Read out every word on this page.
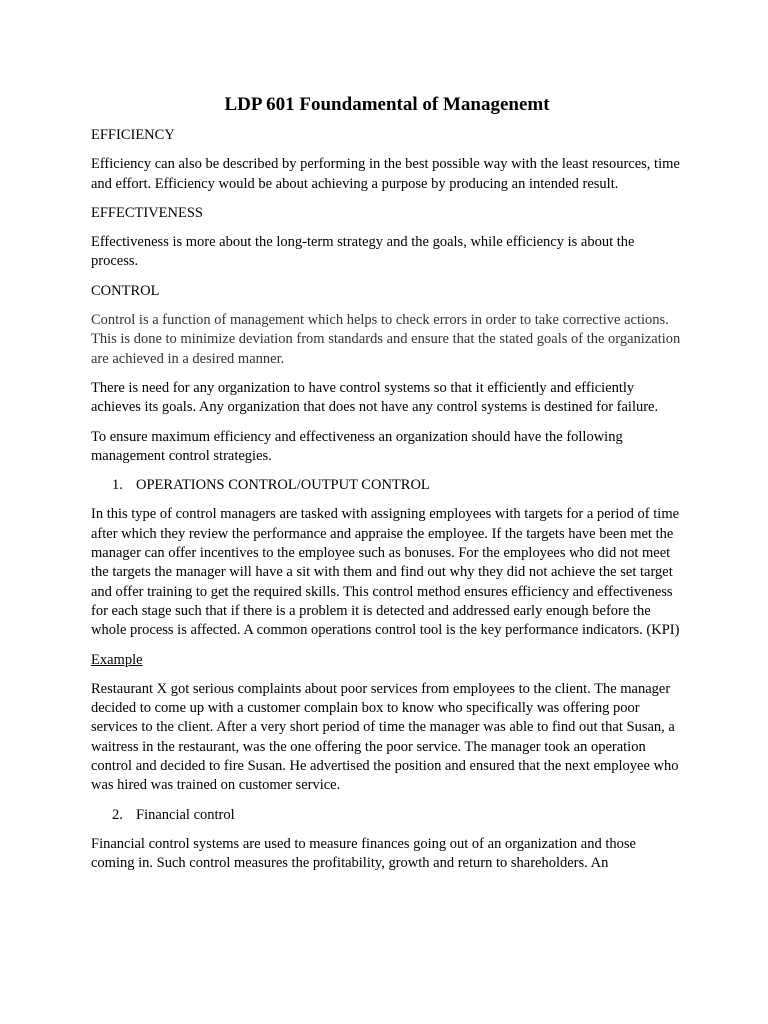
LDP 601 Foundamental of Managenemt

EFFICIENCY

Efficiency can also be described by performing in the best possible way with the least resources, time and effort. Efficiency would be about achieving a purpose by producing an intended result.

EFFECTIVENESS

Effectiveness is more about the long-term strategy and the goals, while efficiency is about the process.

CONTROL

Control is a function of management which helps to check errors in order to take corrective actions. This is done to minimize deviation from standards and ensure that the stated goals of the organization are achieved in a desired manner.

There is need for any organization to have control systems so that it efficiently and efficiently achieves its goals. Any organization that does not have any control systems is destined for failure.

To ensure maximum efficiency and effectiveness an organization should have the following management control strategies.

1. OPERATIONS CONTROL/OUTPUT CONTROL

In this type of control managers are tasked with assigning employees with targets for a period of time after which they review the performance and appraise the employee. If the targets have been met the manager can offer incentives to the employee such as bonuses. For the employees who did not meet the targets the manager will have a sit with them and find out why they did not achieve the set target and offer training to get the required skills. This control method ensures efficiency and effectiveness for each stage such that if there is a problem it is detected and addressed early enough before the whole process is affected. A common operations control tool is the key performance indicators. (KPI)

Example

Restaurant X got serious complaints about poor services from employees to the client. The manager decided to come up with a customer complain box to know who specifically was offering poor services to the client. After a very short period of time the manager was able to find out that Susan, a waitress in the restaurant, was the one offering the poor service. The manager took an operation control and decided to fire Susan. He advertised the position and ensured that the next employee who was hired was trained on customer service.

2. Financial control

Financial control systems are used to measure finances going out of an organization and those coming in. Such control measures the profitability, growth and return to shareholders. An
